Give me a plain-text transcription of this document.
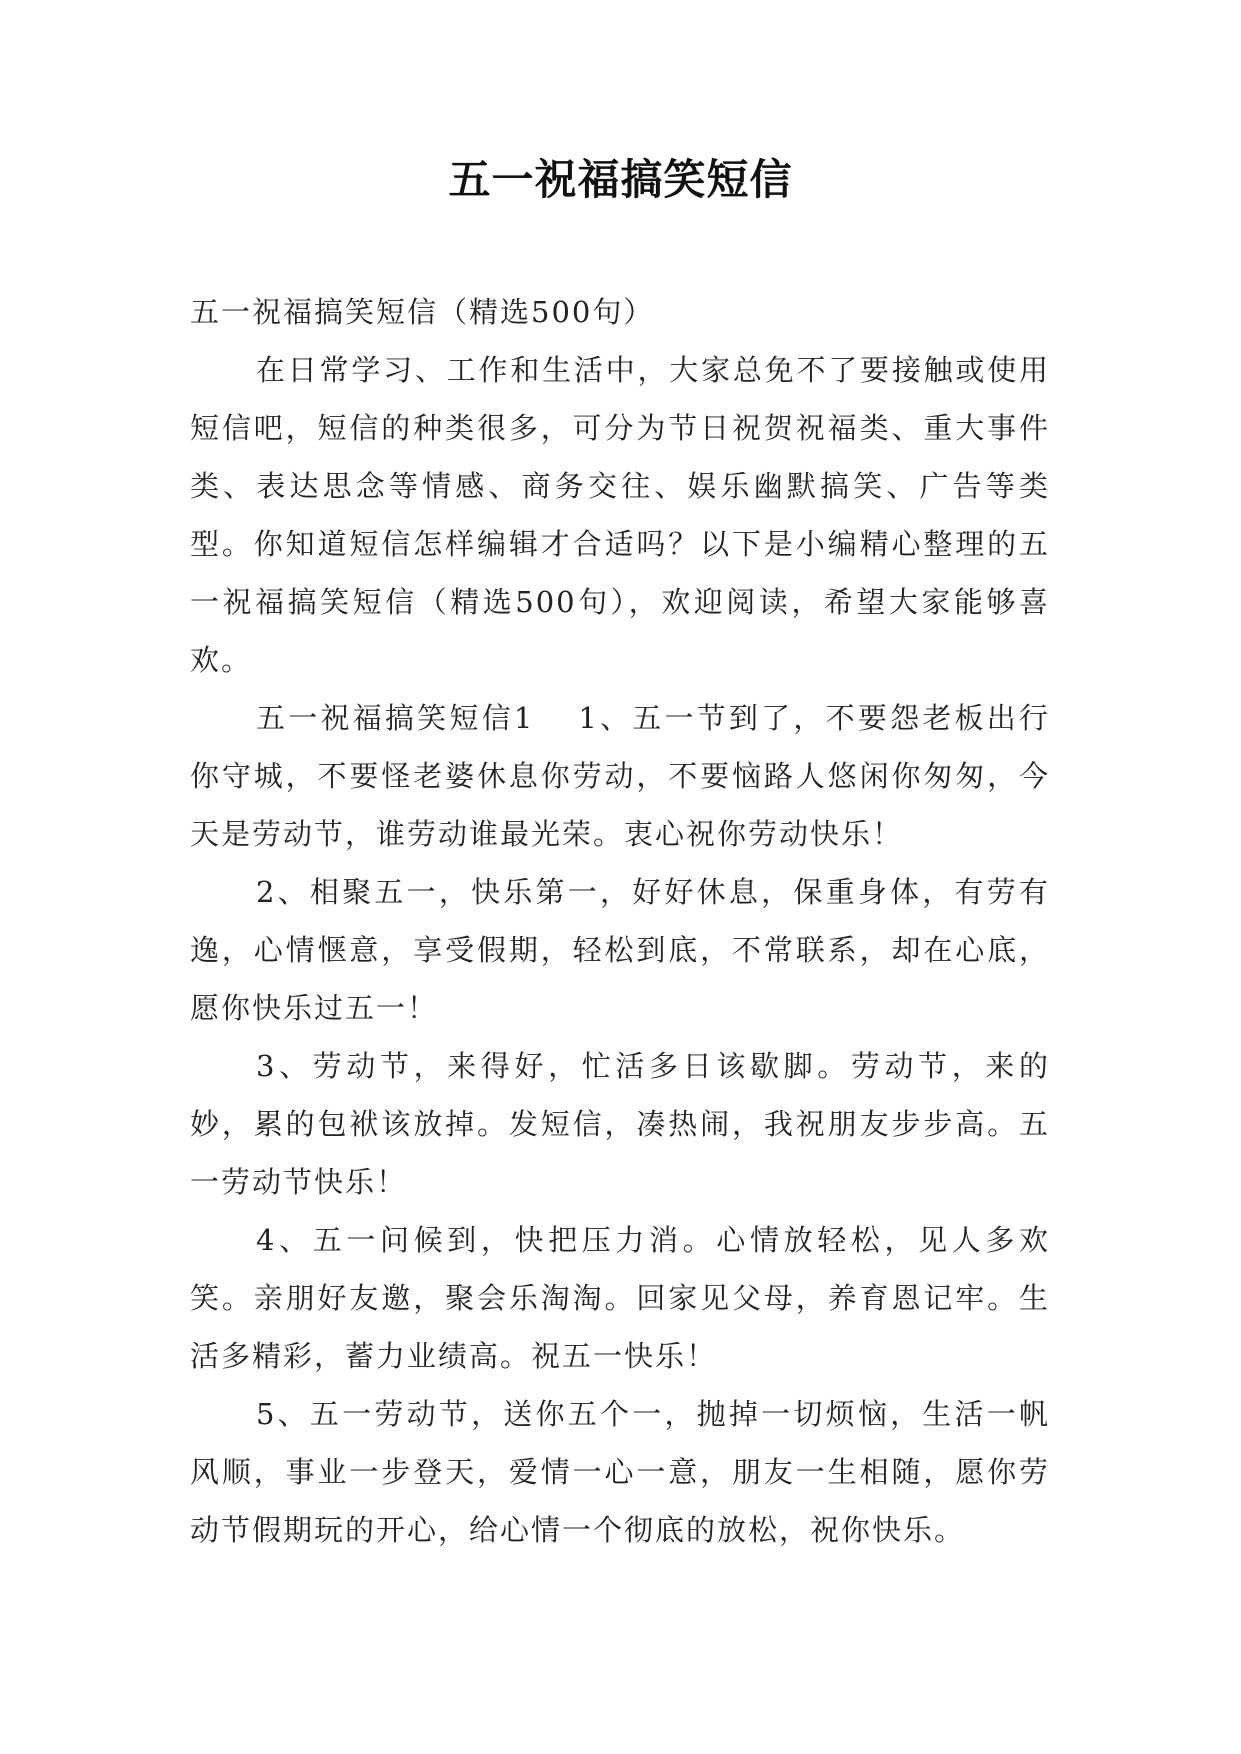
五一祝福搞笑短信

五一祝福搞笑短信（精选500句）

在日常学习、工作和生活中，大家总免不了要接触或使用短信吧，短信的种类很多，可分为节日祝贺祝福类、重大事件类、表达思念等情感、商务交往、娱乐幽默搞笑、广告等类型。你知道短信怎样编辑才合适吗？以下是小编精心整理的五一祝福搞笑短信（精选500句），欢迎阅读，希望大家能够喜欢。

五一祝福搞笑短信1 1、五一节到了，不要怨老板出行你守城，不要怪老婆休息你劳动，不要恼路人悠闲你匆匆，今天是劳动节，谁劳动谁最光荣。衷心祝你劳动快乐！

2、相聚五一，快乐第一，好好休息，保重身体，有劳有逸，心情惬意，享受假期，轻松到底，不常联系，却在心底，愿你快乐过五一！

3、劳动节，来得好，忙活多日该歇脚。劳动节，来的妙，累的包袱该放掉。发短信，凑热闹，我祝朋友步步高。五一劳动节快乐！

4、五一问候到，快把压力消。心情放轻松，见人多欢笑。亲朋好友邀，聚会乐淘淘。回家见父母，养育恩记牢。生活多精彩，蓄力业绩高。祝五一快乐！

5、五一劳动节，送你五个一，抛掉一切烦恼，生活一帆风顺，事业一步登天，爱情一心一意，朋友一生相随，愿你劳动节假期玩的开心，给心情一个彻底的放松，祝你快乐。
